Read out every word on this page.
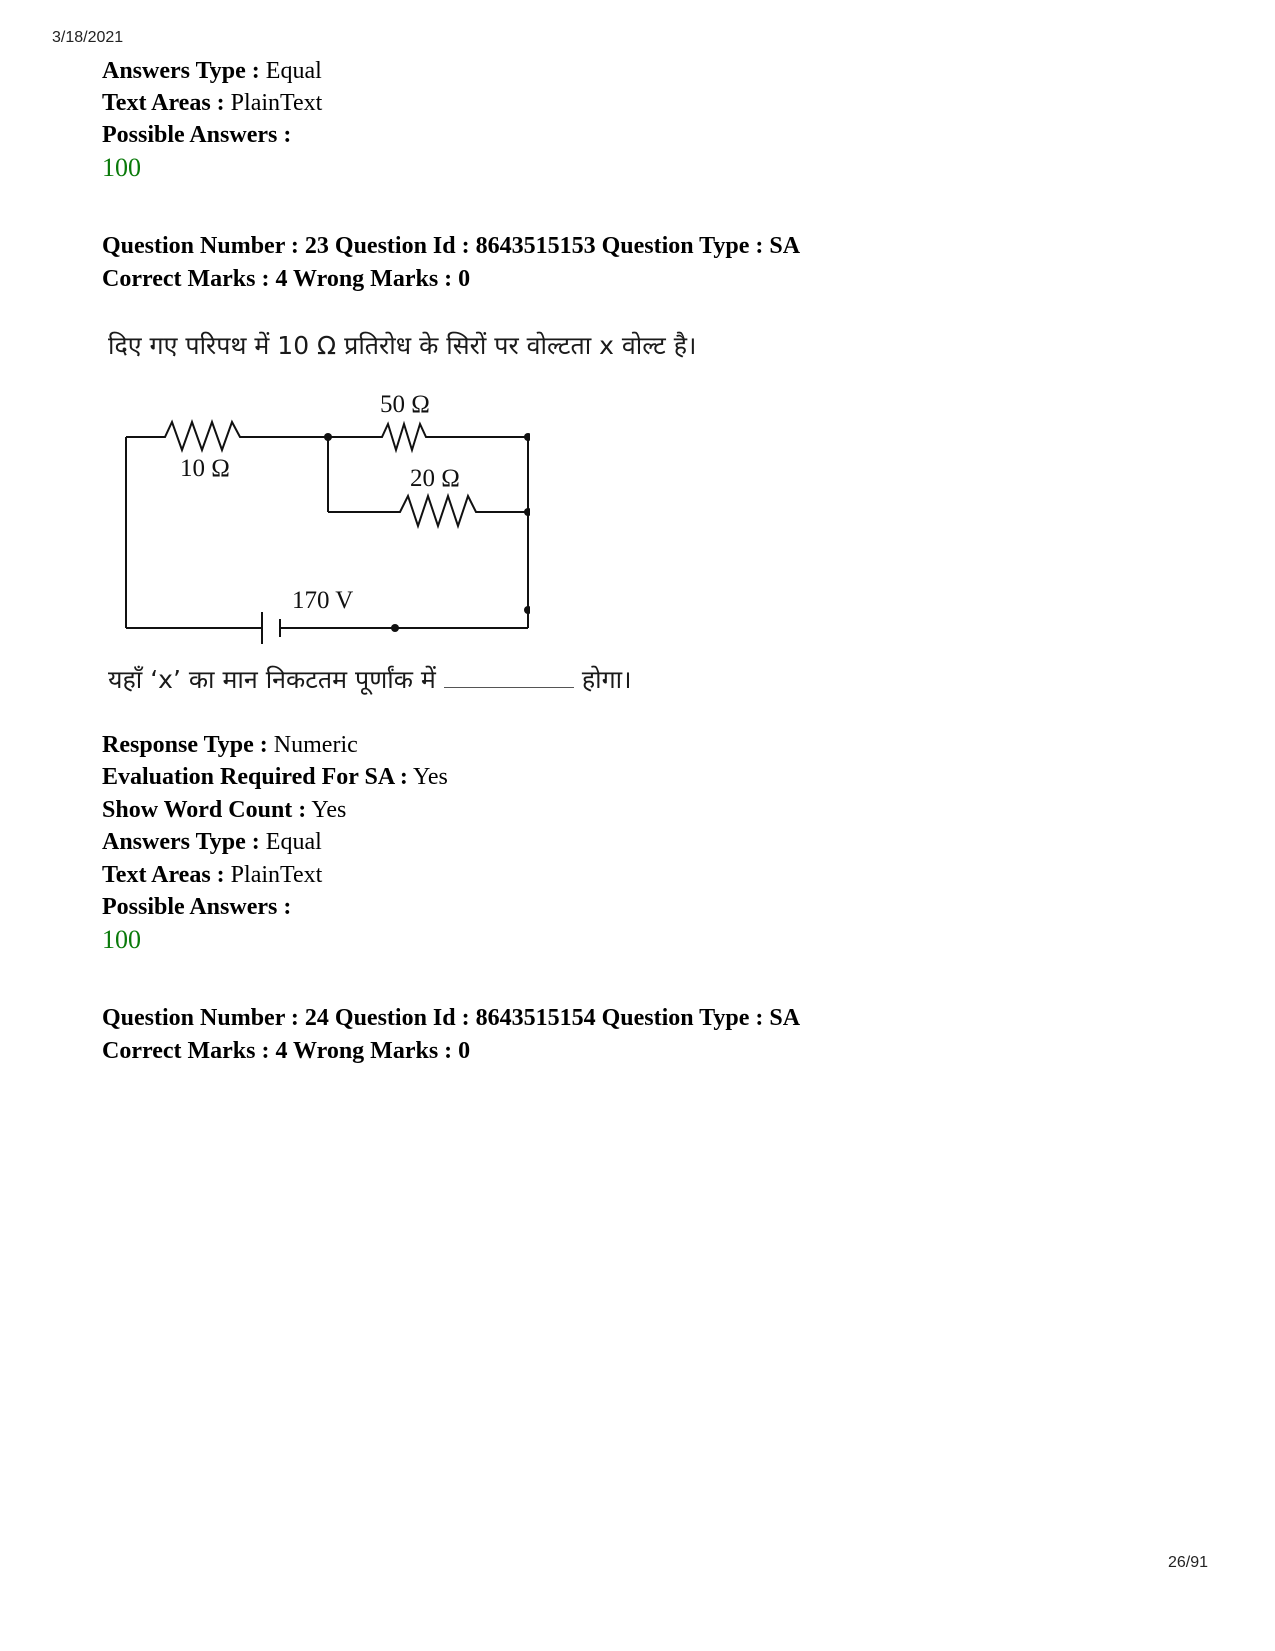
3/18/2021
Answers Type : Equal
Text Areas : PlainText
Possible Answers :
100
Question Number : 23 Question Id : 8643515153 Question Type : SA
Correct Marks : 4 Wrong Marks : 0
दिए गए परिपथ में 10 Ω प्रतिरोध के सिरों पर वोल्टता x वोल्ट है।
10 Ω
50 Ω
20 Ω
170 V
यहाँ ‘x’ का मान निकटतम पूर्णांक में	होगा।
Response Type : Numeric
Evaluation Required For SA : Yes
Show Word Count : Yes
Answers Type : Equal
Text Areas : PlainText
Possible Answers :
100
Question Number : 24 Question Id : 8643515154 Question Type : SA
Correct Marks : 4 Wrong Marks : 0
26/91
